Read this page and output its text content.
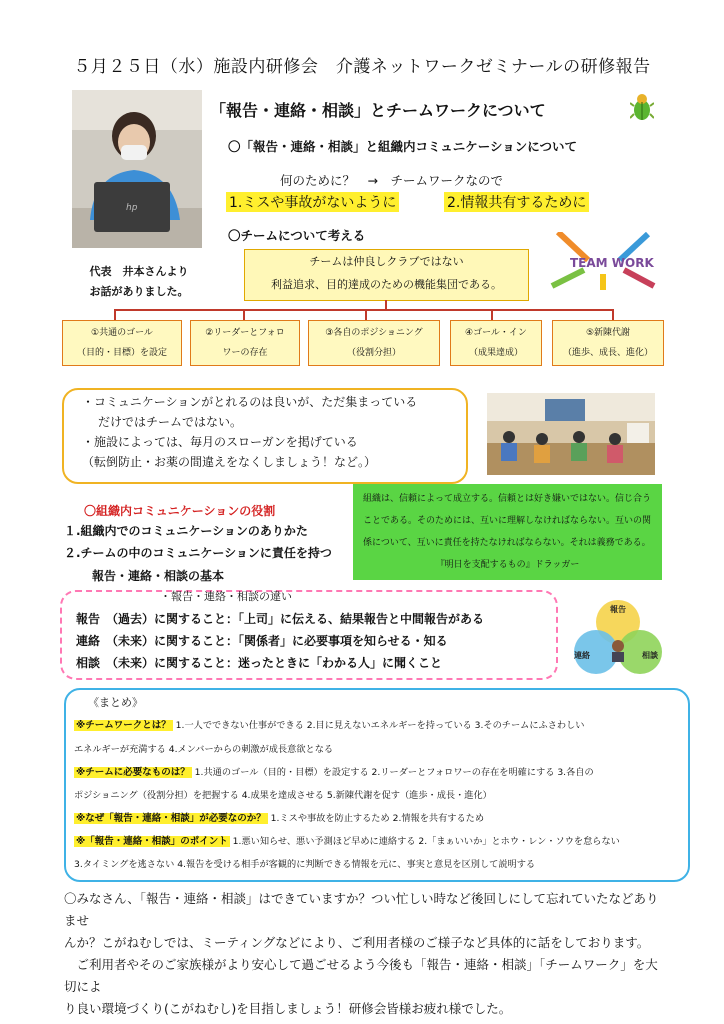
５月２５日（水）施設内研修会　介護ネットワークゼミナールの研修報告
hp
代表　井本さんより
お話がありました。
「報告・連絡・相談」とチームワークについて
〇「報告・連絡・相談」と組織内コミュニケーションについて
何のために？　→　チームワークなので
1.ミスや事故がないように	2.情報共有するために
〇チームについて考える
TEAM WORK
チームは仲良しクラブではない
利益追求、目的達成のための機能集団である。
①共通のゴール
（目的・目標）を設定
②リーダーとフォロ
ワーの存在
③各自のポジショニング
（役割分担）
④ゴール・イン
（成果達成）
⑤新陳代謝
（進歩、成長、進化）
・コミュニケーションがとれるのは良いが、ただ集まっている
だけではチームではない。
・施設によっては、毎月のスローガンを掲げている
（転倒防止・お薬の間違えをなくしましょう！など。）
〇組織内コミュニケーションの役割
１.組織内でのコミュニケーションのありかた
２.チームの中のコミュニケーションに責任を持つ
報告・連絡・相談の基本
組織は、信頼によって成立する。信頼とは好き嫌いではない。信じ合う
ことである。そのためには、互いに理解しなければならない。互いの関
係について、互いに責任を持たなければならない。それは義務である。
『明日を支配するもの』ドラッガー
・報告・連絡・相談の違い
報告　（過去）に関すること：「上司」に伝える、結果報告と中間報告がある
連絡　（未来）に関すること：「関係者」に必要事項を知らせる・知る
相談　（未来）に関すること：迷ったときに「わかる人」に聞くこと
報告
連絡	相談
《まとめ》
※チームワークとは？ 1.一人でできない仕事ができる 2.目に見えないエネルギーを持っている 3.そのチームにふさわしい
エネルギーが充満する 4.メンバーからの刺激が成長意欲となる
※チームに必要なものは？ 1.共通のゴール（目的・目標）を設定する 2.リーダーとフォロワーの存在を明確にする 3.各自の
ポジショニング（役割分担）を把握する 4.成果を達成させる 5.新陳代謝を促す（進歩・成長・進化）
※なぜ「報告・連絡・相談」が必要なのか？ 1.ミスや事故を防止するため 2.情報を共有するため
※「報告・連絡・相談」のポイント 1.悪い知らせ、悪い予測ほど早めに連絡する 2.「まぁいいか」とホウ・レン・ソウを怠らない
3.タイミングを逃さない 4.報告を受ける相手が客観的に判断できる情報を元に、事実と意見を区別して説明する
〇みなさん、「報告・連絡・相談」はできていますか？つい忙しい時など後回しにして忘れていたなどありませ
んか？こがねむしでは、ミーティングなどにより、ご利用者様のご様子など具体的に話をしております。
　ご利用者やそのご家族様がより安心して過ごせるよう今後も「報告・連絡・相談」「チームワーク」を大切によ
り良い環境づくり(こがねむし)を目指しましょう！研修会皆様お疲れ様でした。
